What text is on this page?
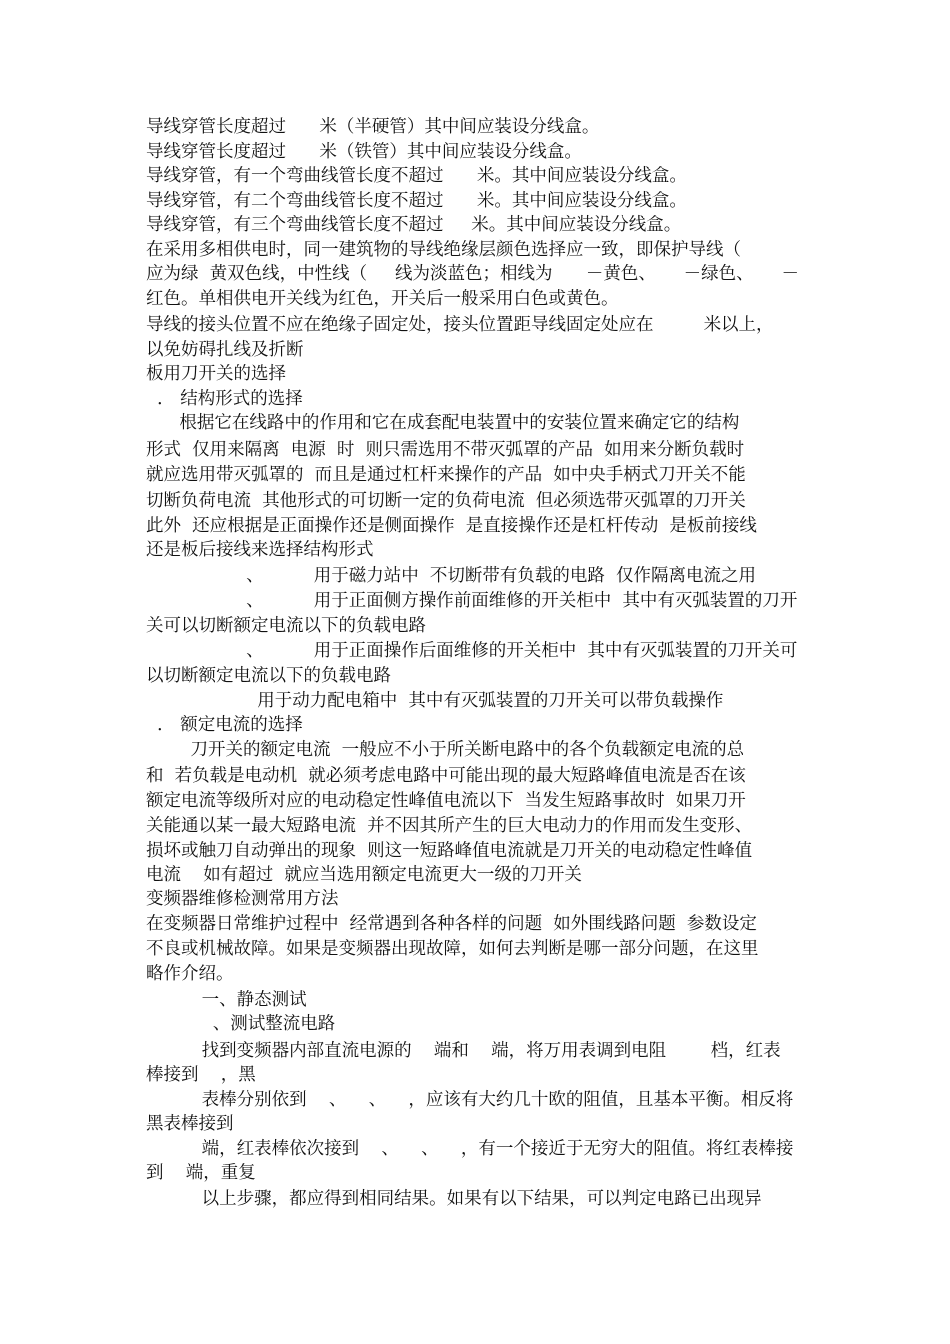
导线穿管长度超过      米（半硬管）其中间应装设分线盒。
导线穿管长度超过      米（铁管）其中间应装设分线盒。
导线穿管，有一个弯曲线管长度不超过      米。其中间应装设分线盒。
导线穿管，有二个弯曲线管长度不超过      米。其中间应装设分线盒。
导线穿管，有三个弯曲线管长度不超过     米。其中间应装设分线盒。
在采用多相供电时，同一建筑物的导线绝缘层颜色选择应一致，即保护导线（
应为绿  黄双色线，中性线（     线为淡蓝色；相线为      －黄色、     －绿色、     －
红色。单相供电开关线为红色，开关后一般采用白色或黄色。
导线的接头位置不应在绝缘子固定处，接头位置距导线固定处应在         米以上，
以免妨碍扎线及折断
板用刀开关的选择
． 结构形式的选择
根据它在线路中的作用和它在成套配电装置中的安装位置来确定它的结构
形式  仅用来隔离  电源  时  则只需选用不带灭弧罩的产品  如用来分断负载时
就应选用带灭弧罩的  而且是通过杠杆来操作的产品  如中央手柄式刀开关不能
切断负荷电流  其他形式的可切断一定的负荷电流  但必须选带灭弧罩的刀开关
此外  还应根据是正面操作还是侧面操作  是直接操作还是杠杆传动  是板前接线
还是板后接线来选择结构形式
、         用于磁力站中  不切断带有负载的电路  仅作隔离电流之用
、         用于正面侧方操作前面维修的开关柜中  其中有灭弧装置的刀开
关可以切断额定电流以下的负载电路
、         用于正面操作后面维修的开关柜中  其中有灭弧装置的刀开关可
以切断额定电流以下的负载电路
用于动力配电箱中  其中有灭弧装置的刀开关可以带负载操作
． 额定电流的选择
刀开关的额定电流  一般应不小于所关断电路中的各个负载额定电流的总
和  若负载是电动机  就必须考虑电路中可能出现的最大短路峰值电流是否在该
额定电流等级所对应的电动稳定性峰值电流以下  当发生短路事故时  如果刀开
关能通以某一最大短路电流  并不因其所产生的巨大电动力的作用而发生变形、
损坏或触刀自动弹出的现象  则这一短路峰值电流就是刀开关的电动稳定性峰值
电流    如有超过  就应当选用额定电流更大一级的刀开关
变频器维修检测常用方法
在变频器日常维护过程中  经常遇到各种各样的问题  如外围线路问题  参数设定
不良或机械故障。如果是变频器出现故障，如何去判断是哪一部分问题，在这里
略作介绍。
一、静态测试
、测试整流电路
找到变频器内部直流电源的    端和    端，将万用表调到电阻        档，红表
棒接到    ，黑
表棒分别依到    、    、    ，应该有大约几十欧的阻值，且基本平衡。相反将
黑表棒接到
端，红表棒依次接到    、    、    ，有一个接近于无穷大的阻值。将红表棒接
到    端，重复
以上步骤，都应得到相同结果。如果有以下结果，可以判定电路已出现异
